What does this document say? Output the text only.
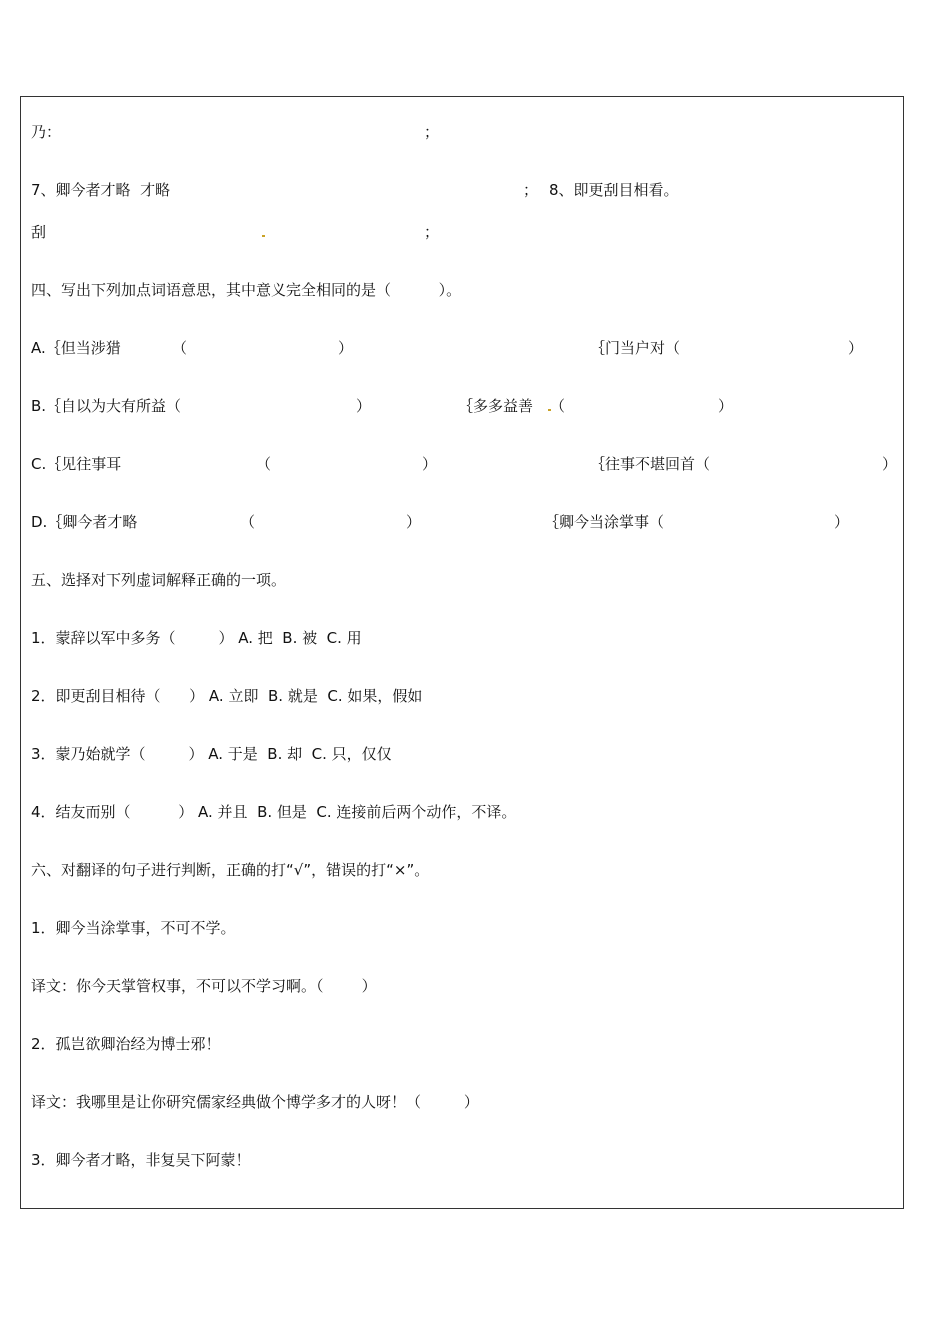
乃：	；
7、卿今者才略  才略	； 8、即更刮目相看。
刮	；
四、写出下列加点词语意思，其中意义完全相同的是（          ）。
A.｛但当涉猎	（	）	｛门当户对（	）
B.｛自以为大有所益（	）	｛多多益善 （	）
C.｛见往事耳	（	）	｛往事不堪回首（	）
D.｛卿今者才略	（	）	｛卿今当涂掌事（	）
五、选择对下列虚词解释正确的一项。
1．蒙辞以军中多务（         ） A. 把  B. 被  C. 用
2．即更刮目相待（      ） A. 立即  B. 就是  C. 如果，假如
3．蒙乃始就学（         ） A. 于是  B. 却  C. 只，仅仅
4．结友而别（          ） A. 并且  B. 但是  C. 连接前后两个动作，不译。
六、对翻译的句子进行判断，正确的打“√”，错误的打“×”。
1．卿今当涂掌事，不可不学。
译文：你今天掌管权事，不可以不学习啊。（        ）
2．孤岂欲卿治经为博士邪！
译文：我哪里是让你研究儒家经典做个博学多才的人呀！（         ）
3．卿今者才略，非复吴下阿蒙！
